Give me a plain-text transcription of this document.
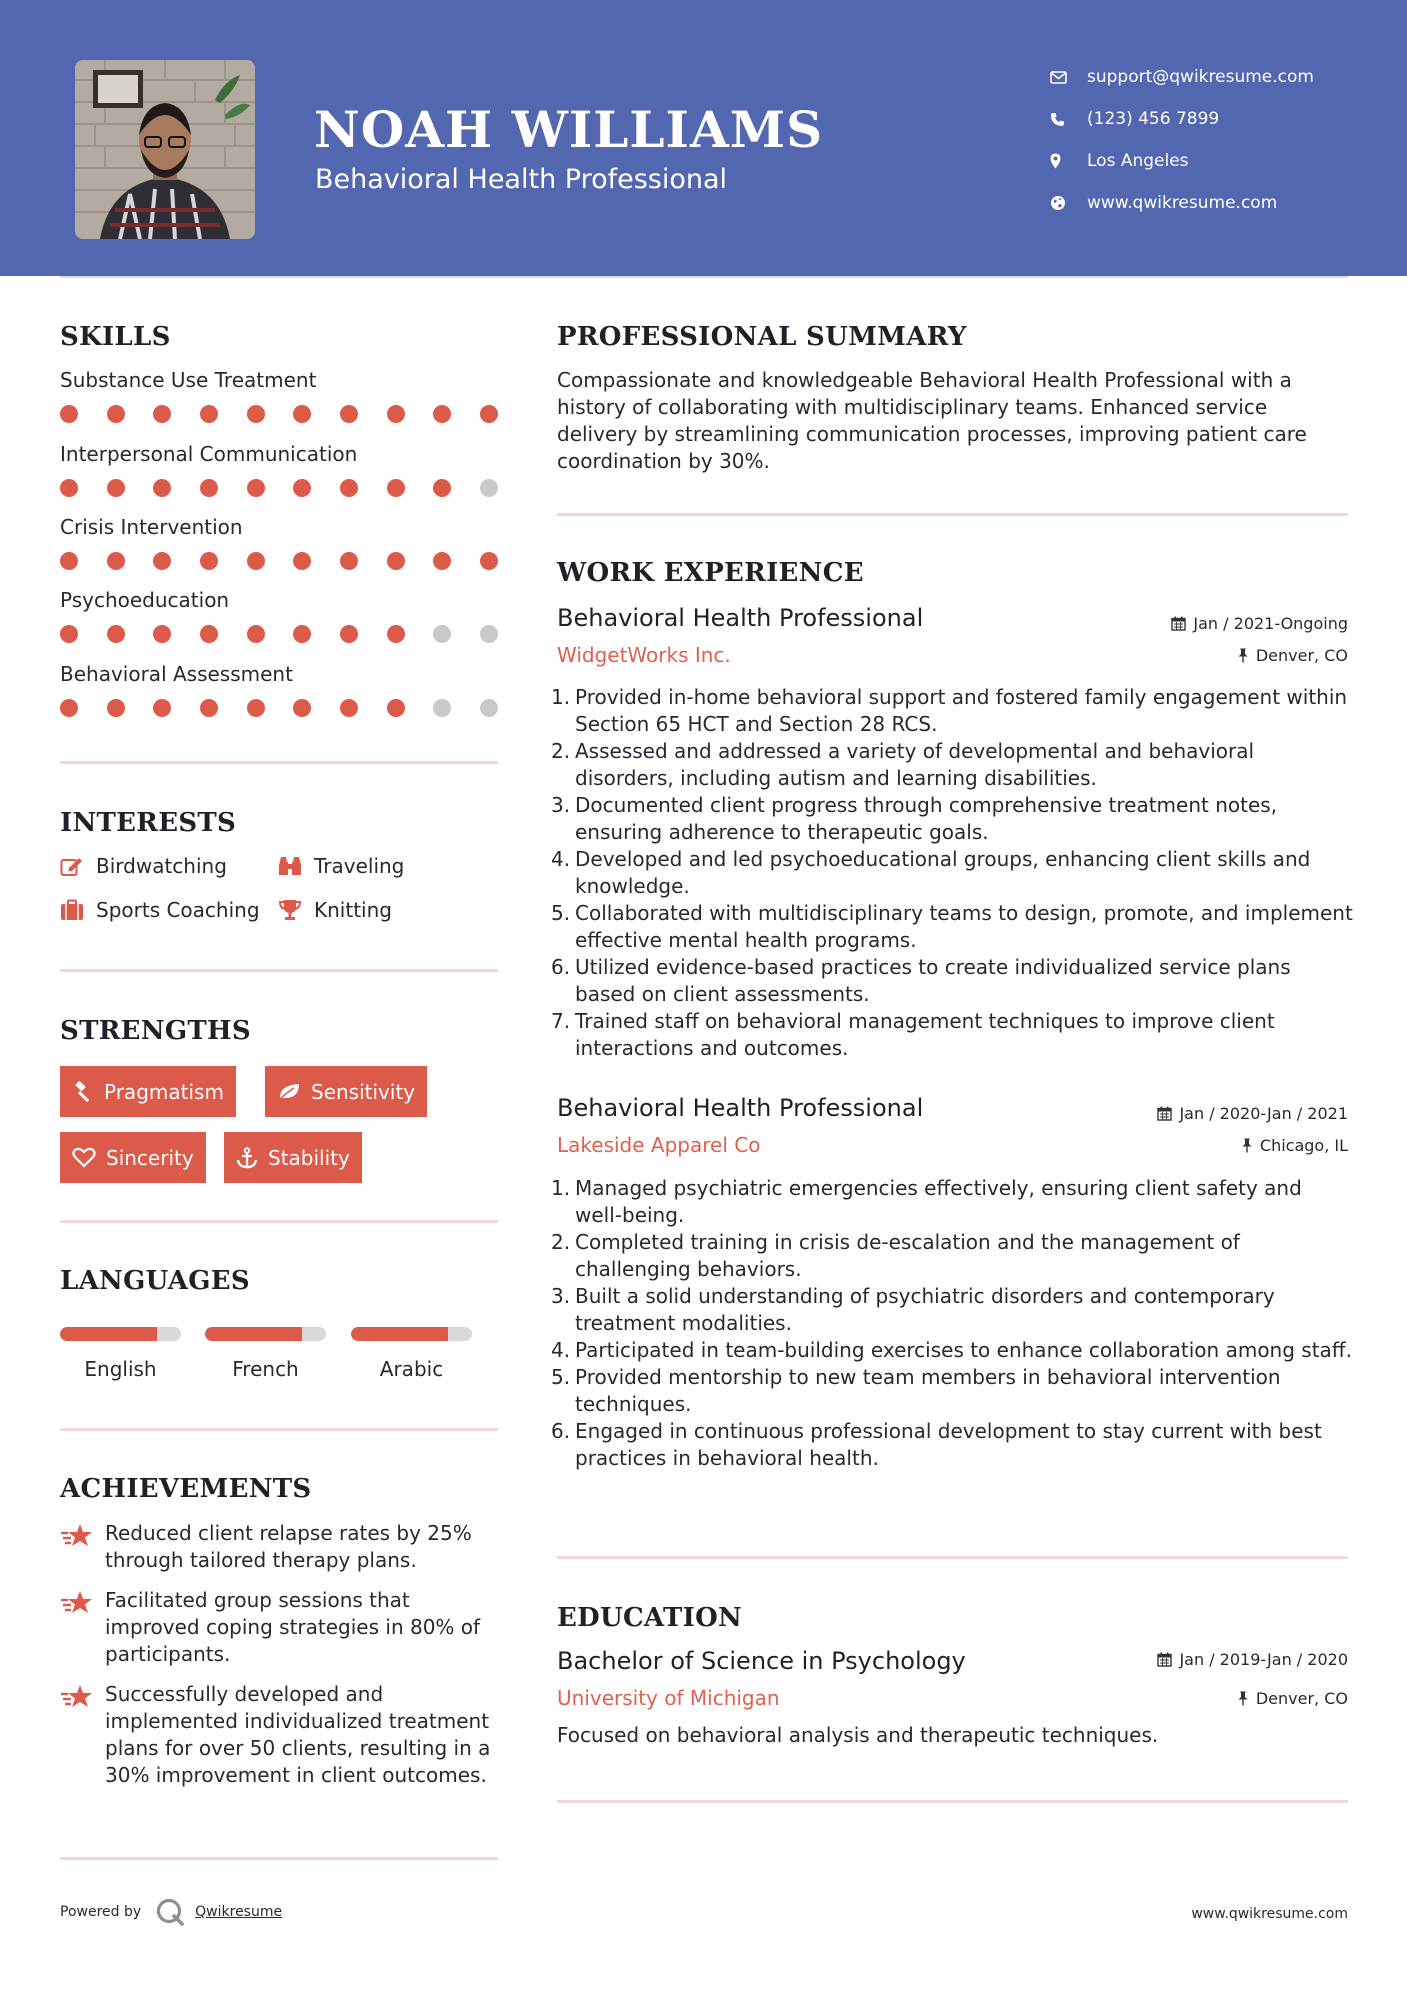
NOAH WILLIAMS
Behavioral Health Professional
support@qwikresume.com
(123) 456 7899
Los Angeles
www.qwikresume.com
SKILLS
Substance Use Treatment
Interpersonal Communication
Crisis Intervention
Psychoeducation
Behavioral Assessment
INTERESTS
Birdwatching	Traveling
Sports Coaching	Knitting
STRENGTHS
Pragmatism	Sensitivity
Sincerity	Stability
LANGUAGES
English	French	Arabic
ACHIEVEMENTS
Reduced client relapse rates by 25% through tailored therapy plans.
Facilitated group sessions that improved coping strategies in 80% of participants.
Successfully developed and implemented individualized treatment plans for over 50 clients, resulting in a 30% improvement in client outcomes.
PROFESSIONAL SUMMARY
Compassionate and knowledgeable Behavioral Health Professional with a history of collaborating with multidisciplinary teams. Enhanced service delivery by streamlining communication processes, improving patient care coordination by 30%.
WORK EXPERIENCE
Behavioral Health Professional	Jan / 2021-Ongoing
WidgetWorks Inc.	Denver, CO
1. Provided in-home behavioral support and fostered family engagement within Section 65 HCT and Section 28 RCS.
2. Assessed and addressed a variety of developmental and behavioral disorders, including autism and learning disabilities.
3. Documented client progress through comprehensive treatment notes, ensuring adherence to therapeutic goals.
4. Developed and led psychoeducational groups, enhancing client skills and knowledge.
5. Collaborated with multidisciplinary teams to design, promote, and implement effective mental health programs.
6. Utilized evidence-based practices to create individualized service plans based on client assessments.
7. Trained staff on behavioral management techniques to improve client interactions and outcomes.
Behavioral Health Professional	Jan / 2020-Jan / 2021
Lakeside Apparel Co	Chicago, IL
1. Managed psychiatric emergencies effectively, ensuring client safety and well-being.
2. Completed training in crisis de-escalation and the management of challenging behaviors.
3. Built a solid understanding of psychiatric disorders and contemporary treatment modalities.
4. Participated in team-building exercises to enhance collaboration among staff.
5. Provided mentorship to new team members in behavioral intervention techniques.
6. Engaged in continuous professional development to stay current with best practices in behavioral health.
EDUCATION
Bachelor of Science in Psychology	Jan / 2019-Jan / 2020
University of Michigan	Denver, CO
Focused on behavioral analysis and therapeutic techniques.
Powered by	Qwikresume	www.qwikresume.com
